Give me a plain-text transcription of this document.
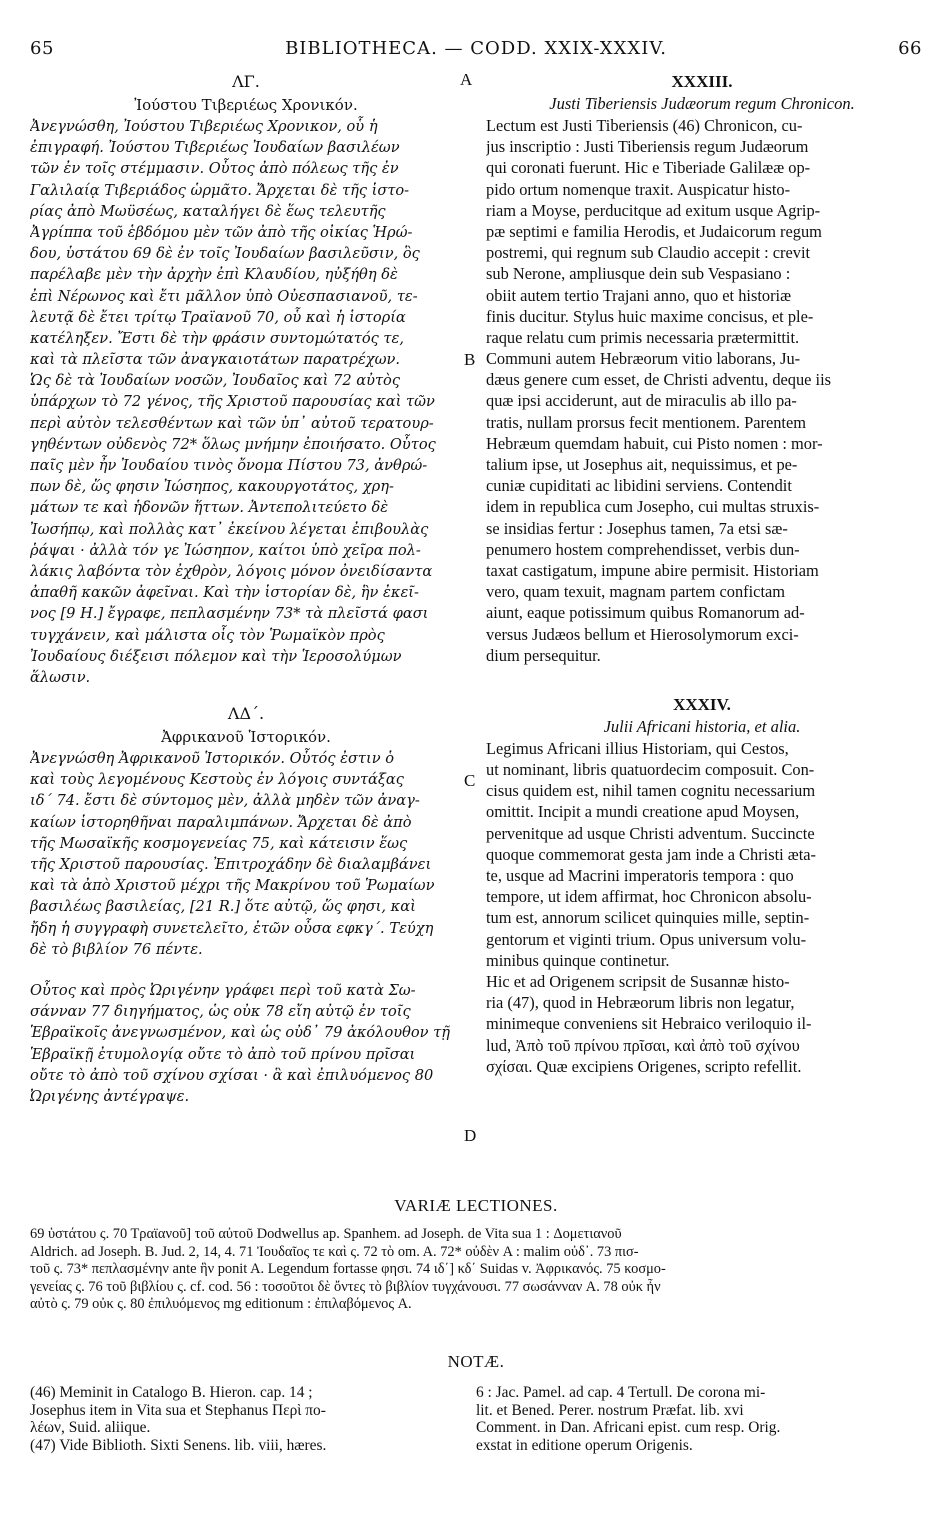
65	BIBLIOTHECA. — CODD. XXIX-XXXIV.	66
ΛΓ.
Ἰούστου Τιβεριέως Χρονικόν.
Ἀνεγνώσθη, Ἰούστου Τιβεριέως Χρονικον, οὗ ἡ
ἐπιγραφή. Ἰούστου Τιβεριέως Ἰουδαίων βασιλέων
τῶν ἐν τοῖς στέμμασιν. Οὗτος ἀπὸ πόλεως τῆς ἐν
Γαλιλαίᾳ Τιβεριάδος ὡρμᾶτο. Ἄρχεται δὲ τῆς ἱστο-
ρίας ἀπὸ Μωϋσέως, καταλήγει δὲ ἕως τελευτῆς
Ἀγρίππα τοῦ ἑβδόμου μὲν τῶν ἀπὸ τῆς οἰκίας Ἡρώ-
δου, ὑστάτου 69 δὲ ἐν τοῖς Ἰουδαίων βασιλεῦσιν, ὃς
παρέλαβε μὲν τὴν ἀρχὴν ἐπὶ Κλαυδίου, ηὐξήθη δὲ
ἐπὶ Νέρωνος καὶ ἔτι μᾶλλον ὑπὸ Οὐεσπασιανοῦ, τε-
λευτᾷ δὲ ἔτει τρίτῳ Τραϊανοῦ 70, οὗ καὶ ἡ ἱστορία
κατέληξεν. Ἔστι δὲ τὴν φράσιν συντομώτατός τε,
καὶ τὰ πλεῖστα τῶν ἀναγκαιοτάτων παρατρέχων.
Ὡς δὲ τὰ Ἰουδαίων νοσῶν, Ἰουδαῖος καὶ 72 αὐτὸς
ὑπάρχων τὸ 72 γένος, τῆς Χριστοῦ παρουσίας καὶ τῶν
περὶ αὐτὸν τελεσθέντων καὶ τῶν ὑπ᾽ αὐτοῦ τερατουρ-
γηθέντων οὐδενὸς 72* ὅλως μνήμην ἐποιήσατο. Οὗτος
παῖς μὲν ἦν Ἰουδαίου τινὸς ὄνομα Πίστου 73, ἀνθρώ-
πων δὲ, ὥς φησιν Ἰώσηπος, κακουργοτάτος, χρη-
μάτων τε καὶ ἡδονῶν ἥττων. Ἀντεπολιτεύετο δὲ
Ἰωσήπῳ, καὶ πολλὰς κατ᾽ ἐκείνου λέγεται ἐπιβουλὰς
ῥάψαι · ἀλλὰ τόν γε Ἰώσηπον, καίτοι ὑπὸ χεῖρα πολ-
λάκις λαβόντα τὸν ἐχθρὸν, λόγοις μόνον ὀνειδίσαντα
ἀπαθῆ κακῶν ἀφεῖναι. Καὶ τὴν ἱστορίαν δὲ, ἣν ἐκεῖ-
νος [9 H.] ἔγραφε, πεπλασμένην 73* τὰ πλεῖστά φασι
τυγχάνειν, καὶ μάλιστα οἷς τὸν Ῥωμαϊκὸν πρὸς
Ἰουδαίους διέξεισι πόλεμον καὶ τὴν Ἱεροσολύμων
ἅλωσιν.
ΛΔ΄.
Ἀφρικανοῦ Ἱστορικόν.
Ἀνεγνώσθη Ἀφρικανοῦ Ἱστορικόν. Οὗτός ἐστιν ὁ
καὶ τοὺς λεγομένους Κεστοὺς ἐν λόγοις συντάξας
ιδ΄ 74. ἔστι δὲ σύντομος μὲν, ἀλλὰ μηδὲν τῶν ἀναγ-
καίων ἱστορηθῆναι παραλιμπάνων. Ἄρχεται δὲ ἀπὸ
τῆς Μωσαϊκῆς κοσμογενείας 75, καὶ κάτεισιν ἕως
τῆς Χριστοῦ παρουσίας. Ἐπιτροχάδην δὲ διαλαμβάνει
καὶ τὰ ἀπὸ Χριστοῦ μέχρι τῆς Μακρίνου τοῦ Ῥωμαίων
βασιλέως βασιλείας, [21 R.] ὅτε αὐτῷ, ὥς φησι, καὶ
ἤδη ἡ συγγραφὴ συνετελεῖτο, ἐτῶν οὖσα εφκγ΄. Τεύχη
δὲ τὸ βιβλίον 76 πέντε.
Οὗτος καὶ πρὸς Ὠριγένην γράφει περὶ τοῦ κατὰ Σω-
σάνναν 77 διηγήματος, ὡς οὐκ 78 εἴη αὐτῷ ἐν τοῖς
Ἑβραϊκοῖς ἀνεγνωσμένον, καὶ ὡς οὐδ᾽ 79 ἀκόλουθον τῇ
Ἑβραϊκῇ ἐτυμολογίᾳ οὔτε τὸ ἀπὸ τοῦ πρίνου πρῖσαι
οὔτε τὸ ἀπὸ τοῦ σχίνου σχίσαι · ἃ καὶ ἐπιλυόμενος 80
Ὠριγένης ἀντέγραψε.
A
B
C
D
XXXIII.
Justi Tiberiensis Judæorum regum Chronicon.
Lectum est Justi Tiberiensis (46) Chronicon, cu-
jus inscriptio : Justi Tiberiensis regum Judæorum
qui coronati fuerunt. Hic e Tiberiade Galilææ op-
pido ortum nomenque traxit. Auspicatur histo-
riam a Moyse, perducitque ad exitum usque Agrip-
pæ septimi e familia Herodis, et Judaicorum regum
postremi, qui regnum sub Claudio accepit : crevit
sub Nerone, ampliusque dein sub Vespasiano :
obiit autem tertio Trajani anno, quo et historiæ
finis ducitur. Stylus huic maxime concisus, et ple-
raque relatu cum primis necessaria prætermittit.
Communi autem Hebræorum vitio laborans, Ju-
dæus genere cum esset, de Christi adventu, deque iis
quæ ipsi acciderunt, aut de miraculis ab illo pa-
tratis, nullam prorsus fecit mentionem. Parentem
Hebræum quemdam habuit, cui Pisto nomen : mor-
talium ipse, ut Josephus ait, nequissimus, et pe-
cuniæ cupiditati ac libidini serviens. Contendit
idem in republica cum Josepho, cui multas struxis-
se insidias fertur : Josephus tamen, 7a etsi sæ-
penumero hostem comprehendisset, verbis dun-
taxat castigatum, impune abire permisit. Historiam
vero, quam texuit, magnam partem confictam
aiunt, eaque potissimum quibus Romanorum ad-
versus Judæos bellum et Hierosolymorum exci-
dium persequitur.
XXXIV.
Julii Africani historia, et alia.
Legimus Africani illius Historiam, qui Cestos,
ut nominant, libris quatuordecim composuit. Con-
cisus quidem est, nihil tamen cognitu necessarium
omittit. Incipit a mundi creatione apud Moysen,
pervenitque ad usque Christi adventum. Succincte
quoque commemorat gesta jam inde a Christi æta-
te, usque ad Macrini imperatoris tempora : quo
tempore, ut idem affirmat, hoc Chronicon absolu-
tum est, annorum scilicet quinquies mille, septin-
gentorum et viginti trium. Opus universum volu-
minibus quinque continetur.
Hic et ad Origenem scripsit de Susannæ histo-
ria (47), quod in Hebræorum libris non legatur,
minimeque conveniens sit Hebraico veriloquio il-
lud, Ἀπὸ τοῦ πρίνου πρῖσαι, καὶ ἀπὸ τοῦ σχίνου
σχίσαι. Quæ excipiens Origenes, scripto refellit.
VARIÆ LECTIONES.
69 ὑστάτου ς. 70 Τραϊανοῦ] τοῦ αὐτοῦ Dodwellus ap. Spanhem. ad Joseph. de Vita sua 1 : Δομετιανοῦ
Aldrich. ad Joseph. B. Jud. 2, 14, 4. 71 Ἰουδαῖος τε καὶ ς. 72 τὸ om. A. 72* οὐδὲν A : malim οὐδ᾽. 73 πισ-
τοῦ ς. 73* πεπλασμένην ante ἣν ponit A. Legendum fortasse φησι. 74 ιδ΄] κδ΄ Suidas v. Ἀφρικανός. 75 κοσμο-
γενείας ς. 76 τοῦ βιβλίου ς. cf. cod. 56 : τοσοῦτοι δὲ ὄντες τὸ βιβλίον τυγχάνουσι. 77 σωσάνναν A. 78 οὐκ ἦν
αὐτὸ ς. 79 οὐκ ς. 80 ἐπιλυόμενος mg editionum : ἐπιλαβόμενος A.
NOTÆ.
(46) Meminit in Catalogo B. Hieron. cap. 14 ;
Josephus item in Vita sua et Stephanus Περὶ πο-
λέων, Suid. aliique.
(47) Vide Biblioth. Sixti Senens. lib. viii, hæres.
6 : Jac. Pamel. ad cap. 4 Tertull. De corona mi-
lit. et Bened. Perer. nostrum Præfat. lib. xvi
Comment. in Dan. Africani epist. cum resp. Orig.
exstat in editione operum Origenis.
